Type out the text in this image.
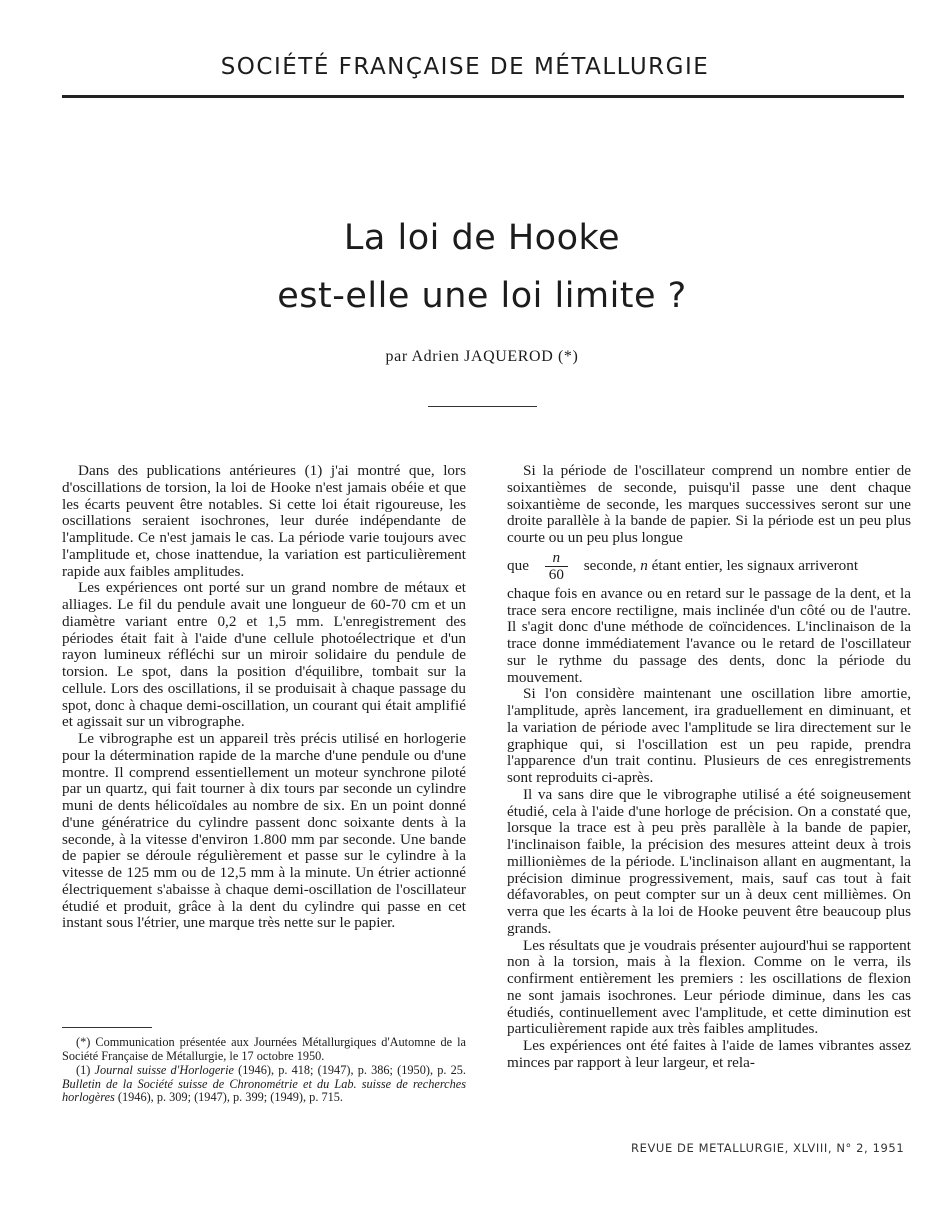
SOCIÉTÉ FRANÇAISE DE MÉTALLURGIE
La loi de Hooke
est-elle une loi limite ?
par Adrien JAQUEROD (*)

Dans des publications antérieures (1) j'ai montré que, lors d'oscillations de torsion, la loi de Hooke n'est jamais obéie et que les écarts peuvent être notables. Si cette loi était rigoureuse, les oscillations seraient isochrones, leur durée indépendante de l'amplitude. Ce n'est jamais le cas. La période varie toujours avec l'amplitude et, chose inattendue, la variation est particulièrement rapide aux faibles amplitudes.

Les expériences ont porté sur un grand nombre de métaux et alliages. Le fil du pendule avait une longueur de 60-70 cm et un diamètre variant entre 0,2 et 1,5 mm. L'enregistrement des périodes était fait à l'aide d'une cellule photoélectrique et d'un rayon lumineux réfléchi sur un miroir solidaire du pendule de torsion. Le spot, dans la position d'équilibre, tombait sur la cellule. Lors des oscillations, il se produisait à chaque passage du spot, donc à chaque demi-oscillation, un courant qui était amplifié et agissait sur un vibrographe.

Le vibrographe est un appareil très précis utilisé en horlogerie pour la détermination rapide de la marche d'une pendule ou d'une montre. Il comprend essentiellement un moteur synchrone piloté par un quartz, qui fait tourner à dix tours par seconde un cylindre muni de dents hélicoïdales au nombre de six. En un point donné d'une génératrice du cylindre passent donc soixante dents à la seconde, à la vitesse d'environ 1.800 mm par seconde. Une bande de papier se déroule régulièrement et passe sur le cylindre à la vitesse de 125 mm ou de 12,5 mm à la minute. Un étrier actionné électriquement s'abaisse à chaque demi-oscillation de l'oscillateur étudié et produit, grâce à la dent du cylindre qui passe en cet instant sous l'étrier, une marque très nette sur le papier.

(*) Communication présentée aux Journées Métallurgiques d'Automne de la Société Française de Métallurgie, le 17 octobre 1950.

(1) Journal suisse d'Horlogerie (1946), p. 418; (1947), p. 386; (1950), p. 25. Bulletin de la Société suisse de Chronométrie et du Lab. suisse de recherches horlogères (1946), p. 309; (1947), p. 399; (1949), p. 715.

Si la période de l'oscillateur comprend un nombre entier de soixantièmes de seconde, puisqu'il passe une dent chaque soixantième de seconde, les marques successives seront sur une droite parallèle à la bande de papier. Si la période est un peu plus courte ou un peu plus longue

que $\frac{n}{60}$ seconde, n étant entier, les signaux arriveront
chaque fois en avance ou en retard sur le passage de la dent, et la trace sera encore rectiligne, mais inclinée d'un côté ou de l'autre. Il s'agit donc d'une méthode de coïncidences. L'inclinaison de la trace donne immédiatement l'avance ou le retard de l'oscillateur sur le rythme du passage des dents, donc la période du mouvement.

Si l'on considère maintenant une oscillation libre amortie, l'amplitude, après lancement, ira graduellement en diminuant, et la variation de période avec l'amplitude se lira directement sur le graphique qui, si l'oscillation est un peu rapide, prendra l'apparence d'un trait continu. Plusieurs de ces enregistrements sont reproduits ci-après.

Il va sans dire que le vibrographe utilisé a été soigneusement étudié, cela à l'aide d'une horloge de précision. On a constaté que, lorsque la trace est à peu près parallèle à la bande de papier, l'inclinaison faible, la précision des mesures atteint deux à trois millionièmes de la période. L'inclinaison allant en augmentant, la précision diminue progressivement, mais, sauf cas tout à fait défavorables, on peut compter sur un à deux cent millièmes. On verra que les écarts à la loi de Hooke peuvent être beaucoup plus grands.

Les résultats que je voudrais présenter aujourd'hui se rapportent non à la torsion, mais à la flexion. Comme on le verra, ils confirment entièrement les premiers : les oscillations de flexion ne sont jamais isochrones. Leur période diminue, dans les cas étudiés, continuellement avec l'amplitude, et cette diminution est particulièrement rapide aux très faibles amplitudes.

Les expériences ont été faites à l'aide de lames vibrantes assez minces par rapport à leur largeur, et rela-

REVUE DE METALLURGIE, XLVIII, N° 2, 1951
